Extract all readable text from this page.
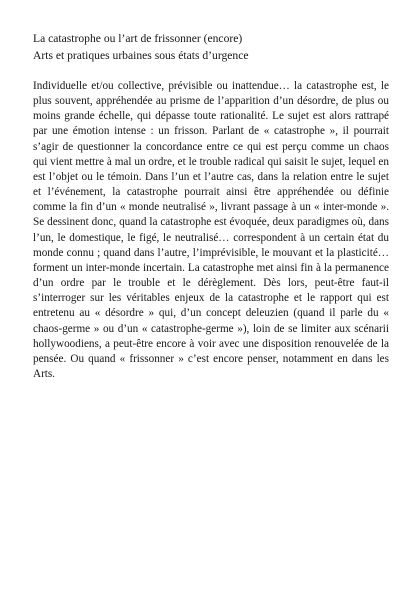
La catastrophe ou l’art de frissonner (encore)
Arts et pratiques urbaines sous états d’urgence

Individuelle et/ou collective, prévisible ou inattendue… la catastrophe est, le plus souvent, appréhendée au prisme de l’apparition d’un désordre, de plus ou moins grande échelle, qui dépasse toute rationalité. Le sujet est alors rattrapé par une émotion intense : un frisson. Parlant de « catastrophe », il pourrait s’agir de questionner la concordance entre ce qui est perçu comme un chaos qui vient mettre à mal un ordre, et le trouble radical qui saisit le sujet, lequel en est l’objet ou le témoin. Dans l’un et l’autre cas, dans la relation entre le sujet et l’événement, la catastrophe pourrait ainsi être appréhendée ou définie comme la fin d’un « monde neutralisé », livrant passage à un « inter-monde ». Se dessinent donc, quand la catastrophe est évoquée, deux paradigmes où, dans l’un, le domestique, le figé, le neutralisé… correspondent à un certain état du monde connu ; quand dans l’autre, l’imprévisible, le mouvant et la plasticité… forment un inter-monde incertain. La catastrophe met ainsi fin à la permanence d’un ordre par le trouble et le dérèglement. Dès lors, peut-être faut-il s’interroger sur les véritables enjeux de la catastrophe et le rapport qui est entretenu au « désordre » qui, d’un concept deleuzien (quand il parle du « chaos-germe » ou d’un « catastrophe-germe »), loin de se limiter aux scénarii hollywoodiens, a peut-être encore à voir avec une disposition renouvelée de la pensée. Ou quand « frissonner » c’est encore penser, notamment en dans les Arts.
